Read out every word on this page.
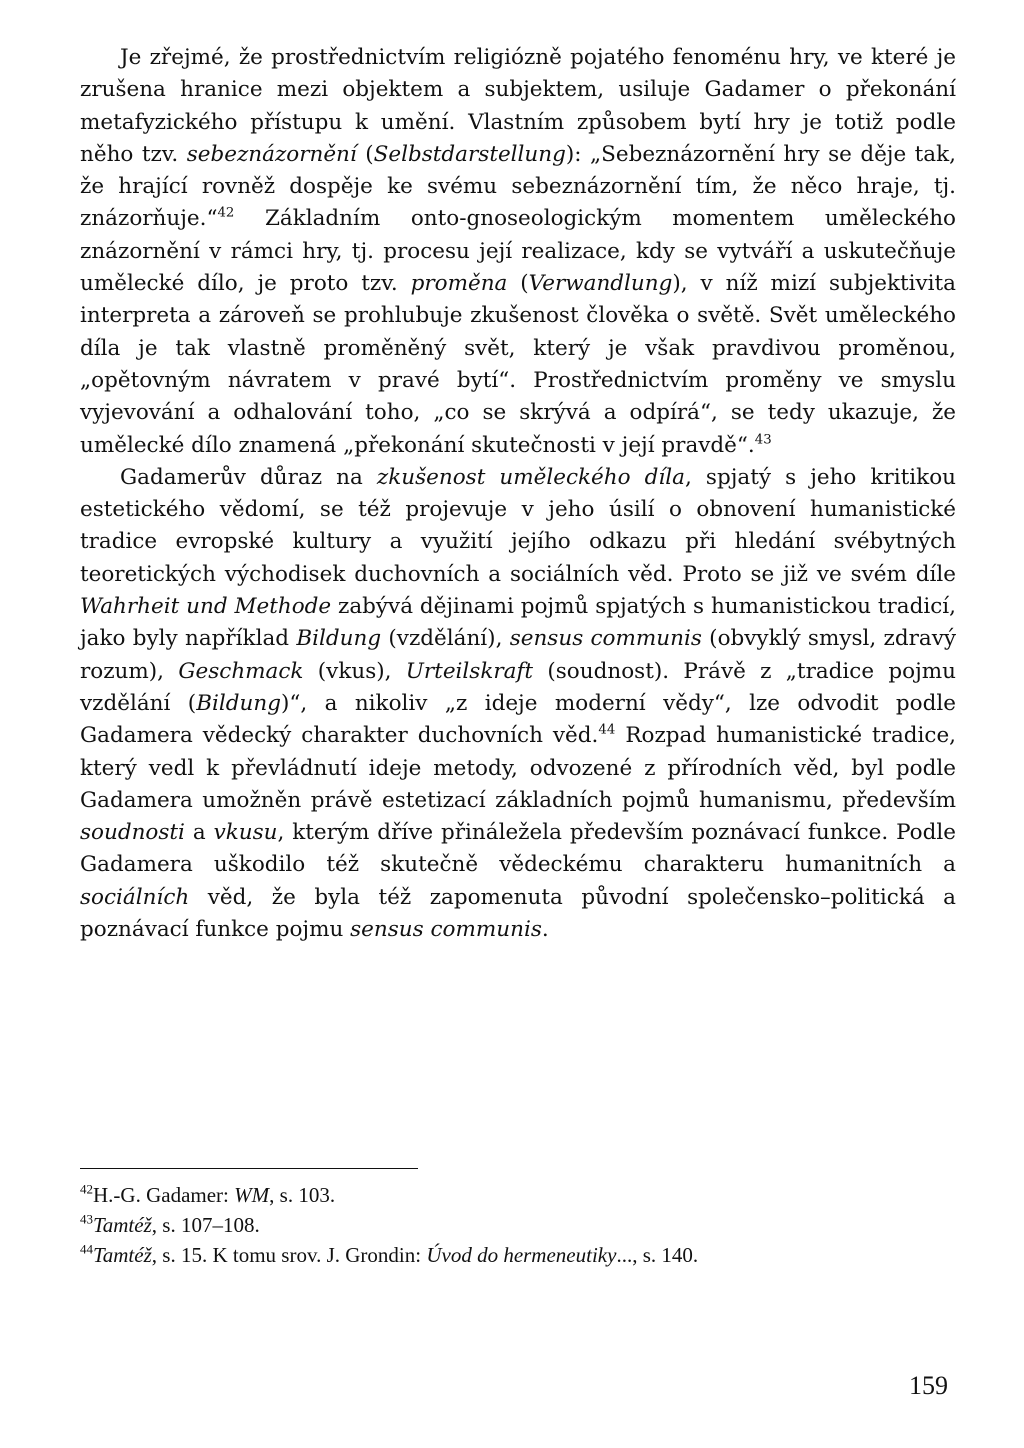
Je zřejmé, že prostřednictvím religiózně pojatého fenoménu hry, ve které je zrušena hranice mezi objektem a subjektem, usiluje Gadamer o překonání metafyzického přístupu k umění. Vlastním způsobem bytí hry je totiž podle něho tzv. sebeznázornění (Selbstdarstellung): „Sebeznázornění hry se děje tak, že hrající rovněž dospěje ke svému sebeznázornění tím, že něco hraje, tj. znázorňuje.“$^{42}$ Základním onto-gnoseologickým momentem uměleckého znázornění v rámci hry, tj. procesu její realizace, kdy se vytváří a uskutečňuje umělecké dílo, je proto tzv. proměna (Verwandlung), v níž mizí subjektivita interpreta a zároveň se prohlubuje zkušenost člověka o světě. Svět uměleckého díla je tak vlastně proměněný svět, který je však pravdivou proměnou, „opětovným návratem v pravé bytí“. Prostřednictvím proměny ve smyslu vyjevování a odhalování toho, „co se skrývá a odpírá“, se tedy ukazuje, že umělecké dílo znamená „překonání skutečnosti v její pravdě“.$^{43}$

Gadamerův důraz na zkušenost uměleckého díla, spjatý s jeho kritikou estetického vědomí, se též projevuje v jeho úsilí o obnovení humanistické tradice evropské kultury a využití jejího odkazu při hledání svébytných teoretických východisek duchovních a sociálních věd. Proto se již ve svém díle Wahrheit und Methode zabývá dějinami pojmů spjatých s humanistickou tradicí, jako byly například Bildung (vzdělání), sensus communis (obvyklý smysl, zdravý rozum), Geschmack (vkus), Urteilskraft (soudnost). Právě z „tradice pojmu vzdělání (Bildung)“, a nikoliv „z ideje moderní vědy“, lze odvodit podle Gadamera vědecký charakter duchovních věd.$^{44}$ Rozpad humanistické tradice, který vedl k převládnutí ideje metody, odvozené z přírodních věd, byl podle Gadamera umožněn právě estetizací základních pojmů humanismu, především soudnosti a vkusu, kterým dříve přináležela především poznávací funkce. Podle Gadamera uškodilo též skutečně vědeckému charakteru humanitních a sociálních věd, že byla též zapomenuta původní společensko–politická a poznávací funkce pojmu sensus communis.

$^{42}$H.-G. Gadamer: WM, s. 103.

$^{43}$Tamtéž, s. 107–108.

$^{44}$Tamtéž, s. 15. K tomu srov. J. Grondin: Úvod do hermeneutiky..., s. 140.

159
